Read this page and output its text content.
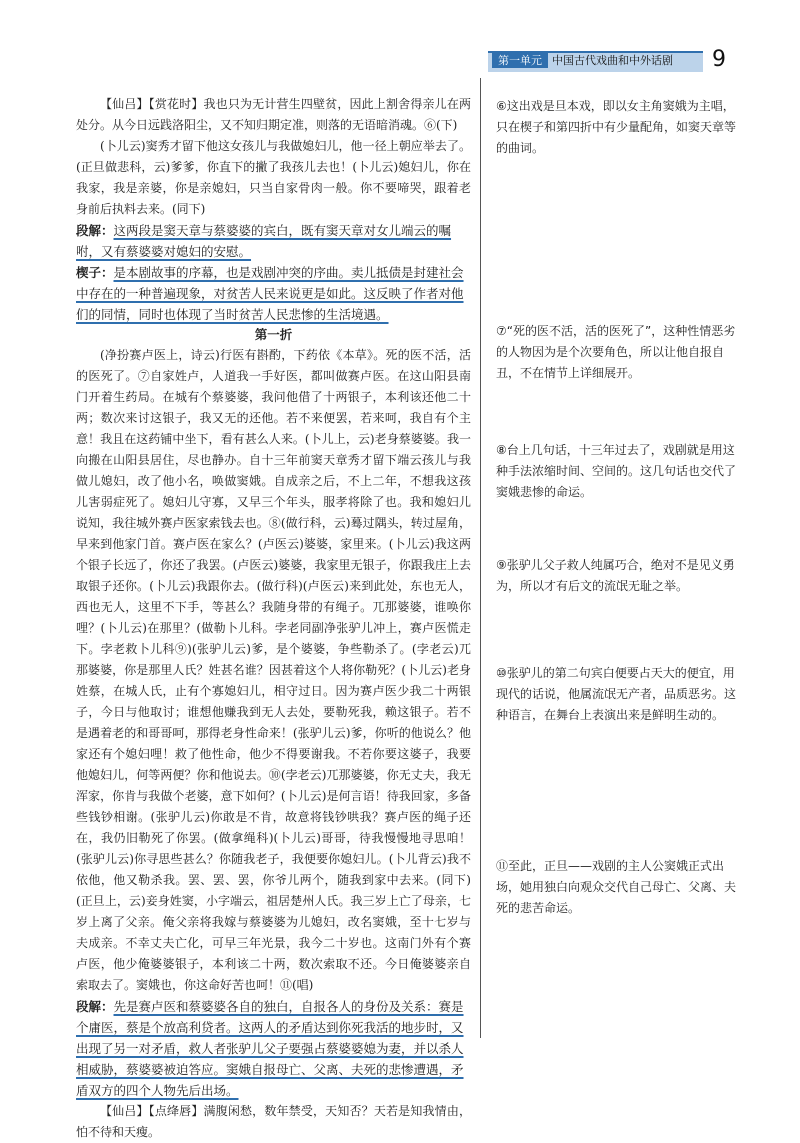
第一单元 中国古代戏曲和中外话剧 9

【仙吕】【赏花时】我也只为无计营生四壁贫，因此上割舍得亲儿在两处分。从今日远践洛阳尘，又不知归期定准，则落的无语暗消魂。⑥(下)

(卜儿云)窦秀才留下他这女孩儿与我做媳妇儿，他一径上朝应举去了。(正旦做悲科，云)爹爹，你直下的撇了我孩儿去也！(卜儿云)媳妇儿，你在我家，我是亲婆，你是亲媳妇，只当自家骨肉一般。你不要啼哭，跟着老身前后执料去来。(同下)

段解：这两段是窦天章与蔡婆婆的宾白，既有窦天章对女儿端云的嘱咐，又有蔡婆婆对媳妇的安慰。

楔子：是本剧故事的序幕，也是戏剧冲突的序曲。卖儿抵债是封建社会中存在的一种普遍现象，对贫苦人民来说更是如此。这反映了作者对他们的同情，同时也体现了当时贫苦人民悲惨的生活境遇。

第一折

(净扮赛卢医上，诗云)行医有斟酌，下药依《本草》。死的医不活，活的医死了。⑦自家姓卢，人道我一手好医，都叫做赛卢医。在这山阳县南门开着生药局。在城有个蔡婆婆，我问他借了十两银子，本利该还他二十两；数次来讨这银子，我又无的还他。若不来便罢，若来呵，我自有个主意！我且在这药铺中坐下，看有甚么人来。(卜儿上，云)老身蔡婆婆。我一向搬在山阳县居住，尽也静办。自十三年前窦天章秀才留下端云孩儿与我做儿媳妇，改了他小名，唤做窦娥。自成亲之后，不上二年，不想我这孩儿害弱症死了。媳妇儿守寡，又早三个年头，服孝将除了也。我和媳妇儿说知，我往城外赛卢医家索钱去也。⑧(做行科，云)蓦过隅头，转过屋角，早来到他家门首。赛卢医在家么？(卢医云)婆婆，家里来。(卜儿云)我这两个银子长远了，你还了我罢。(卢医云)婆婆，我家里无银子，你跟我庄上去取银子还你。(卜儿云)我跟你去。(做行科)(卢医云)来到此处，东也无人，西也无人，这里不下手，等甚么？我随身带的有绳子。兀那婆婆，谁唤你哩？(卜儿云)在那里？(做勒卜儿科。孛老同副净张驴儿冲上，赛卢医慌走下。孛老救卜儿科⑨)(张驴儿云)爹，是个婆婆，争些勒杀了。(孛老云)兀那婆婆，你是那里人氏？姓甚名谁？因甚着这个人将你勒死？(卜儿云)老身姓蔡，在城人氏，止有个寡媳妇儿，相守过日。因为赛卢医少我二十两银子，今日与他取讨；谁想他赚我到无人去处，要勒死我，赖这银子。若不是遇着老的和哥哥呵，那得老身性命来！(张驴儿云)爹，你听的他说么？他家还有个媳妇哩！救了他性命，他少不得要谢我。不若你要这婆子，我要他媳妇儿，何等两便？你和他说去。⑩(孛老云)兀那婆婆，你无丈夫，我无浑家，你肯与我做个老婆，意下如何？(卜儿云)是何言语！待我回家，多备些钱钞相谢。(张驴儿云)你敢是不肯，故意将钱钞哄我？赛卢医的绳子还在，我仍旧勒死了你罢。(做拿绳科)(卜儿云)哥哥，待我慢慢地寻思咱！(张驴儿云)你寻思些甚么？你随我老子，我便要你媳妇儿。(卜儿背云)我不依他，他又勒杀我。罢、罢、罢，你爷儿两个，随我到家中去来。(同下)(正旦上，云)妾身姓窦，小字端云，祖居楚州人氏。我三岁上亡了母亲，七岁上离了父亲。俺父亲将我嫁与蔡婆婆为儿媳妇，改名窦娥，至十七岁与夫成亲。不幸丈夫亡化，可早三年光景，我今二十岁也。这南门外有个赛卢医，他少俺婆婆银子，本利该二十两，数次索取不还。今日俺婆婆亲自索取去了。窦娥也，你这命好苦也呵！⑪(唱)

段解：先是赛卢医和蔡婆婆各自的独白，自报各人的身份及关系：赛是个庸医，蔡是个放高利贷者。这两人的矛盾达到你死我活的地步时，又出现了另一对矛盾，救人者张驴儿父子要强占蔡婆婆媳为妻，并以杀人相威胁，蔡婆婆被迫答应。窦娥自报母亡、父离、夫死的悲惨遭遇，矛盾双方的四个人物先后出场。

【仙吕】【点绛唇】满腹闲愁，数年禁受，天知否？天若是知我情由，怕不待和天瘦。

⑥这出戏是旦本戏，即以女主角窦娥为主唱，只在楔子和第四折中有少量配角，如窦天章等的曲词。
⑦“死的医不活，活的医死了”，这种性情恶劣的人物因为是个次要角色，所以让他自报自丑，不在情节上详细展开。
⑧台上几句话，十三年过去了，戏剧就是用这种手法浓缩时间、空间的。这几句话也交代了窦娥悲惨的命运。
⑨张驴儿父子救人纯属巧合，绝对不是见义勇为，所以才有后文的流氓无耻之举。
⑩张驴儿的第二句宾白便要占天大的便宜，用现代的话说，他属流氓无产者，品质恶劣。这种语言，在舞台上表演出来是鲜明生动的。
⑪至此，正旦——戏剧的主人公窦娥正式出场，她用独白向观众交代自己母亡、父离、夫死的悲苦命运。
